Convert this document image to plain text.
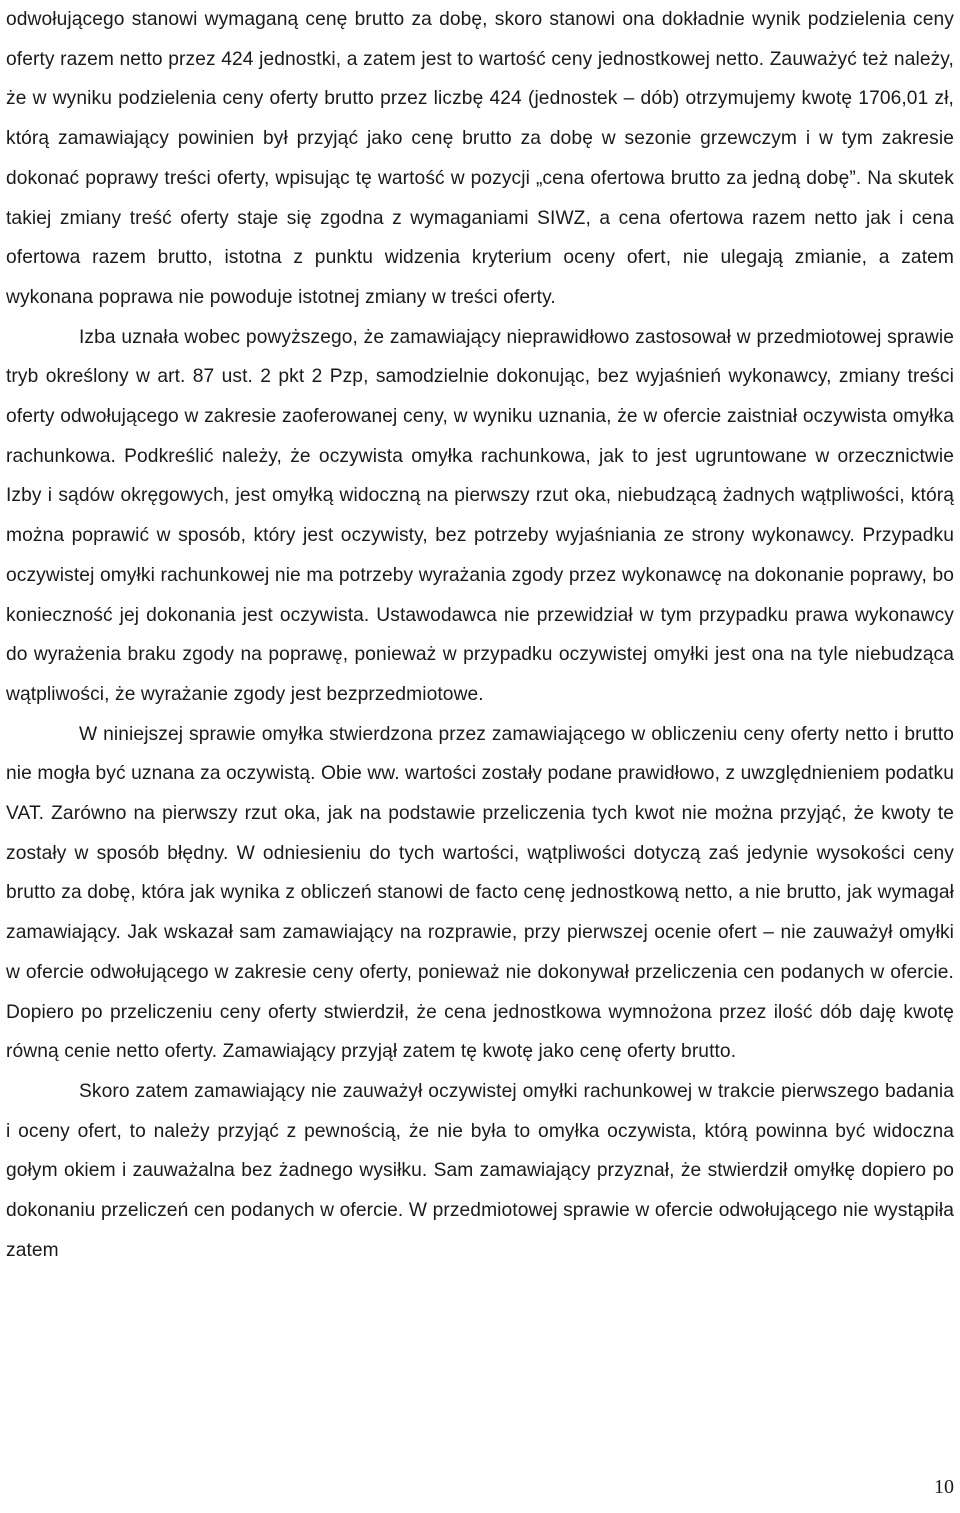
odwołującego stanowi wymaganą cenę brutto za dobę, skoro stanowi ona dokładnie wynik podzielenia ceny oferty razem netto przez 424 jednostki, a zatem jest to wartość ceny jednostkowej netto. Zauważyć też należy, że w wyniku podzielenia ceny oferty brutto przez liczbę 424 (jednostek – dób) otrzymujemy kwotę 1706,01 zł, którą zamawiający powinien był przyjąć jako cenę brutto za dobę w sezonie grzewczym i w tym zakresie dokonać poprawy treści oferty, wpisując tę wartość w pozycji „cena ofertowa brutto za jedną dobę”. Na skutek takiej zmiany treść oferty staje się zgodna z wymaganiami SIWZ, a cena ofertowa razem netto jak i cena ofertowa razem brutto, istotna z punktu widzenia kryterium oceny ofert, nie ulegają zmianie, a zatem wykonana poprawa nie powoduje istotnej zmiany w treści oferty.

Izba uznała wobec powyższego, że zamawiający nieprawidłowo zastosował w przedmiotowej sprawie tryb określony w art. 87 ust. 2 pkt 2 Pzp, samodzielnie dokonując, bez wyjaśnień wykonawcy, zmiany treści oferty odwołującego w zakresie zaoferowanej ceny, w wyniku uznania, że w ofercie zaistniał oczywista omyłka rachunkowa. Podkreślić należy, że oczywista omyłka rachunkowa, jak to jest ugruntowane w orzecznictwie Izby i sądów okręgowych, jest omyłką widoczną na pierwszy rzut oka, niebudzącą żadnych wątpliwości, którą można poprawić w sposób, który jest oczywisty, bez potrzeby wyjaśniania ze strony wykonawcy. Przypadku oczywistej omyłki rachunkowej nie ma potrzeby wyrażania zgody przez wykonawcę na dokonanie poprawy, bo konieczność jej dokonania jest oczywista. Ustawodawca nie przewidział w tym przypadku prawa wykonawcy do wyrażenia braku zgody na poprawę, ponieważ w przypadku oczywistej omyłki jest ona na tyle niebudząca wątpliwości, że wyrażanie zgody jest bezprzedmiotowe.

W niniejszej sprawie omyłka stwierdzona przez zamawiającego w obliczeniu ceny oferty netto i brutto nie mogła być uznana za oczywistą. Obie ww. wartości zostały podane prawidłowo, z uwzględnieniem podatku VAT. Zarówno na pierwszy rzut oka, jak na podstawie przeliczenia tych kwot nie można przyjąć, że kwoty te zostały w sposób błędny. W odniesieniu do tych wartości, wątpliwości dotyczą zaś jedynie wysokości ceny brutto za dobę, która jak wynika z obliczeń stanowi de facto cenę jednostkową netto, a nie brutto, jak wymagał zamawiający. Jak wskazał sam zamawiający na rozprawie, przy pierwszej ocenie ofert – nie zauważył omyłki w ofercie odwołującego w zakresie ceny oferty, ponieważ nie dokonywał przeliczenia cen podanych w ofercie. Dopiero po przeliczeniu ceny oferty stwierdził, że cena jednostkowa wymnożona przez ilość dób daję kwotę równą cenie netto oferty. Zamawiający przyjął zatem tę kwotę jako cenę oferty brutto.

Skoro zatem zamawiający nie zauważył oczywistej omyłki rachunkowej w trakcie pierwszego badania i oceny ofert, to należy przyjąć z pewnością, że nie była to omyłka oczywista, którą powinna być widoczna gołym okiem i zauważalna bez żadnego wysiłku. Sam zamawiający przyznał, że stwierdził omyłkę dopiero po dokonaniu przeliczeń cen podanych w ofercie. W przedmiotowej sprawie w ofercie odwołującego nie wystąpiła zatem

10
